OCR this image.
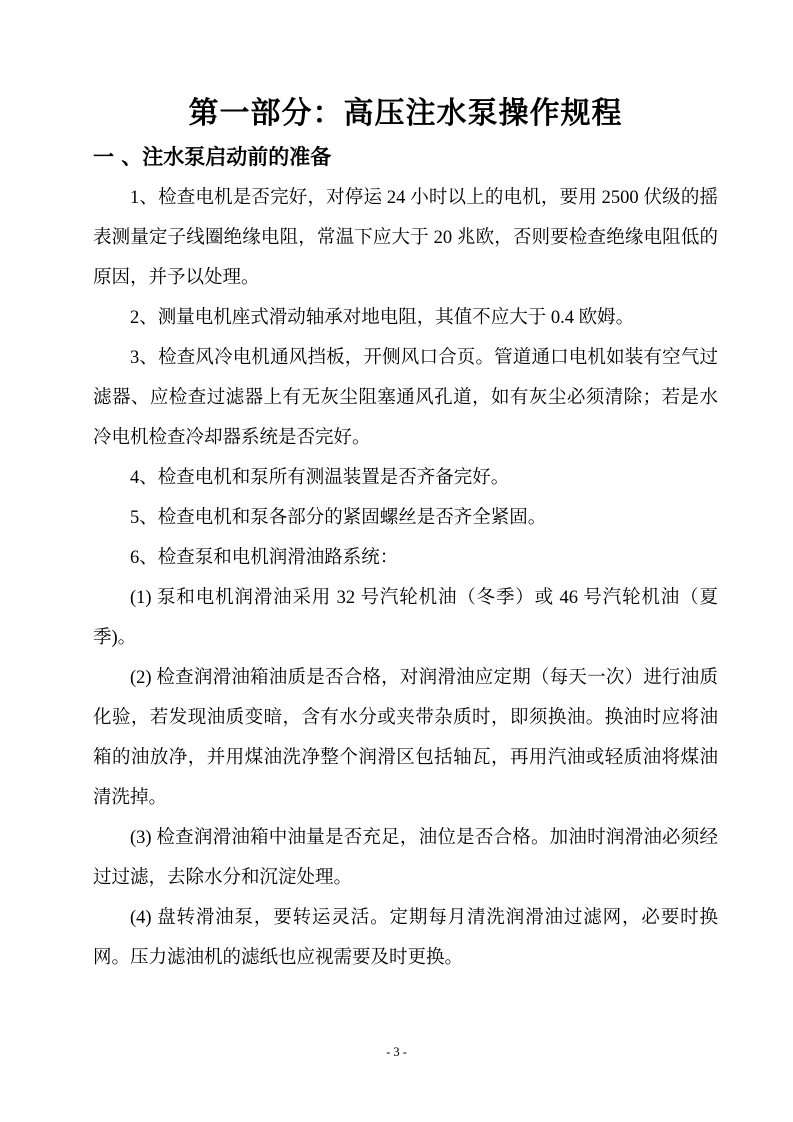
第一部分：高压注水泵操作规程
一 、注水泵启动前的准备

1、检查电机是否完好，对停运 24 小时以上的电机，要用 2500 伏级的摇表测量定子线圈绝缘电阻，常温下应大于 20 兆欧，否则要检查绝缘电阻低的原因，并予以处理。

2、测量电机座式滑动轴承对地电阻，其值不应大于 0.4 欧姆。

3、检查风冷电机通风挡板，开侧风口合页。管道通口电机如装有空气过滤器、应检查过滤器上有无灰尘阻塞通风孔道，如有灰尘必须清除；若是水冷电机检查冷却器系统是否完好。

4、检查电机和泵所有测温装置是否齐备完好。

5、检查电机和泵各部分的紧固螺丝是否齐全紧固。

6、检查泵和电机润滑油路系统：

(1) 泵和电机润滑油采用 32 号汽轮机油（冬季）或 46 号汽轮机油（夏季)。

(2) 检查润滑油箱油质是否合格，对润滑油应定期（每天一次）进行油质化验，若发现油质变暗，含有水分或夹带杂质时，即须换油。换油时应将油箱的油放净，并用煤油洗净整个润滑区包括轴瓦，再用汽油或轻质油将煤油清洗掉。

(3) 检查润滑油箱中油量是否充足，油位是否合格。加油时润滑油必须经过过滤，去除水分和沉淀处理。

(4) 盘转滑油泵，要转运灵活。定期每月清洗润滑油过滤网，必要时换网。压力滤油机的滤纸也应视需要及时更换。

- 3 -
